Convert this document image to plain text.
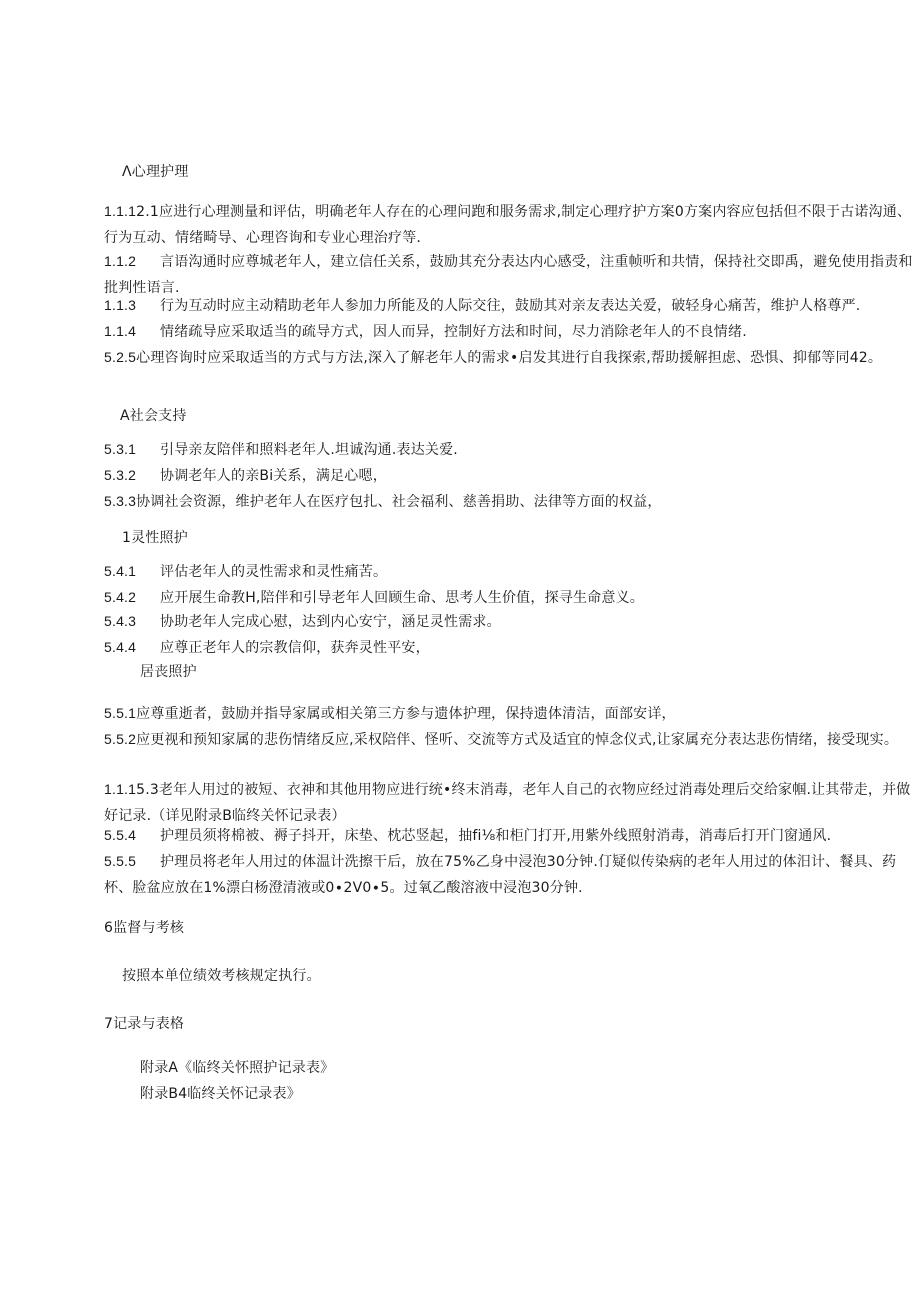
Λ心理护理
1.1.12.1应进行心理测量和评估，明确老年人存在的心理问跑和服务需求,制定心理疗护方案0方案内容应包括但不限于古诺沟通、行为互动、情绪畸导、心理咨询和专业心理治疗等.
1.1.2 言语沟通时应尊城老年人，建立信任关系，鼓励其充分表达内心感受，注重帧听和共情，保持社交即禹，避免使用指责和批判性语言.
1.1.3 行为互动时应主动精助老年人参加力所能及的人际交往，鼓励其对亲友表达关爱，破轻身心痛苦，维护人格尊严.
1.1.4 情绪疏导应采取适当的疏导方式，因人而异，控制好方法和时间，尽力消除老年人的不良情绪.
5.2.5心理咨询时应采取适当的方式与方法,深入了解老年人的需求•启发其进行自我探索,帮助援解担虑、恐惧、抑郁等同42。
A社会支持
5.3.1 引导亲友陪伴和照料老年人.坦诚沟通.表达关爱.
5.3.2 协调老年人的亲Bi关系，满足心嗯，
5.3.3协调社会资源，维护老年人在医疗包扎、社会福利、慈善捐助、法律等方面的权益，
1灵性照护
5.4.1 评估老年人的灵性需求和灵性痛苦。
5.4.2 应开展生命教H,陪伴和引导老年人回顾生命、思考人生价值，探寻生命意义。
5.4.3 协助老年人完成心慰，达到内心安宁，涵足灵性需求。
5.4.4 应尊正老年人的宗教信仰，获奔灵性平安，
居丧照护
5.5.1应尊重逝者，鼓励并指导家属或相关第三方参与遗体护理，保持遗体清洁，面部安详，
5.5.2应更视和预知家属的悲伤情绪反应,采权陪伴、怪听、交流等方式及适宜的悼念仪式,让家属充分表达悲伤情绪，接受现实。
1.1.15.3老年人用过的被短、衣神和其他用物应进行统•终末消毒，老年人自己的衣物应经过消毒处理后交给家帼.让其带走，并做好记录.（详见附录B临终关怀记录表）
5.5.4 护理员须将棉被、褥子抖开，床垫、枕芯竖起，抽fi⅛和柜门打开,用紫外线照射消毒，消毒后打开门窗通风.
5.5.5 护理员将老年人用过的体温计洗擦干后，放在75%乙身中浸泡30分钟.仃疑似传染病的老年人用过的体汨计、餐具、药杯、脸盆应放在1%漂白杨澄清液或0∙2V0∙5。过氧乙酸溶液中浸泡30分钟.
6监督与考核
按照本单位绩效考核规定执行。
7记录与表格
附录A《临终关怀照护记录表》
附录B4临终关怀记录表》
